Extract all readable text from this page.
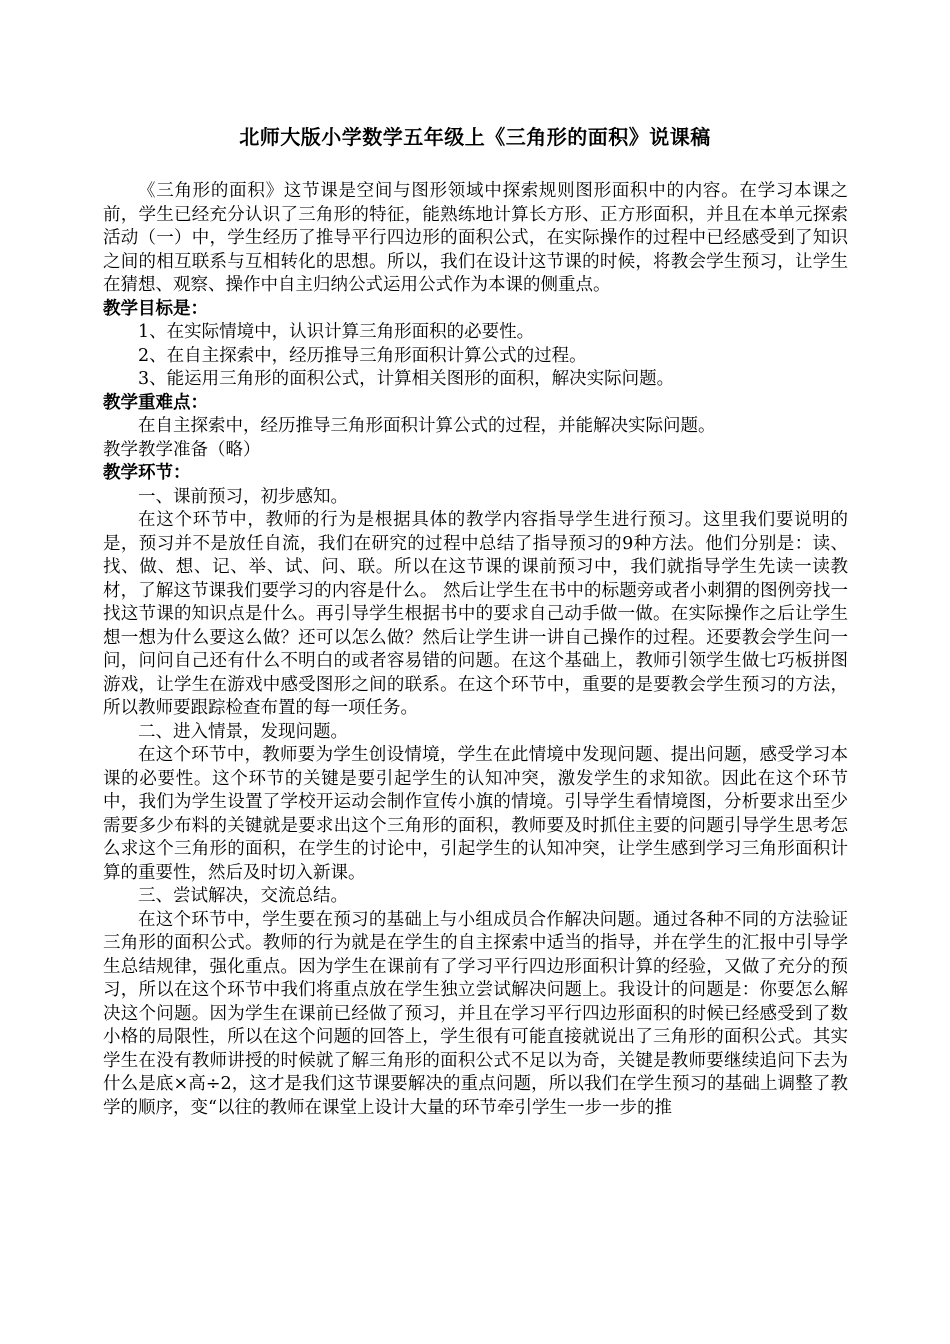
北师大版小学数学五年级上《三角形的面积》说课稿

《三角形的面积》这节课是空间与图形领域中探索规则图形面积中的内容。在学习本课之前，学生已经充分认识了三角形的特征，能熟练地计算长方形、正方形面积，并且在本单元探索活动（一）中，学生经历了推导平行四边形的面积公式，在实际操作的过程中已经感受到了知识之间的相互联系与互相转化的思想。所以，我们在设计这节课的时候，将教会学生预习，让学生在猜想、观察、操作中自主归纳公式运用公式作为本课的侧重点。

教学目标是：

1、在实际情境中，认识计算三角形面积的必要性。

2、在自主探索中，经历推导三角形面积计算公式的过程。

3、能运用三角形的面积公式，计算相关图形的面积，解决实际问题。

教学重难点：

在自主探索中，经历推导三角形面积计算公式的过程，并能解决实际问题。

教学教学准备（略）

教学环节：

一、课前预习，初步感知。

在这个环节中，教师的行为是根据具体的教学内容指导学生进行预习。这里我们要说明的是，预习并不是放任自流，我们在研究的过程中总结了指导预习的9种方法。他们分别是：读、找、做、想、记、举、试、问、联。所以在这节课的课前预习中，我们就指导学生先读一读教材，了解这节课我们要学习的内容是什么。 然后让学生在书中的标题旁或者小刺猬的图例旁找一找这节课的知识点是什么。再引导学生根据书中的要求自己动手做一做。在实际操作之后让学生想一想为什么要这么做？还可以怎么做？然后让学生讲一讲自己操作的过程。还要教会学生问一问，问问自己还有什么不明白的或者容易错的问题。在这个基础上，教师引领学生做七巧板拼图游戏，让学生在游戏中感受图形之间的联系。在这个环节中，重要的是要教会学生预习的方法，所以教师要跟踪检查布置的每一项任务。

二、进入情景，发现问题。

在这个环节中，教师要为学生创设情境，学生在此情境中发现问题、提出问题，感受学习本课的必要性。这个环节的关键是要引起学生的认知冲突，激发学生的求知欲。因此在这个环节中，我们为学生设置了学校开运动会制作宣传小旗的情境。引导学生看情境图，分析要求出至少需要多少布料的关键就是要求出这个三角形的面积，教师要及时抓住主要的问题引导学生思考怎么求这个三角形的面积，在学生的讨论中，引起学生的认知冲突，让学生感到学习三角形面积计算的重要性，然后及时切入新课。

三、尝试解决，交流总结。

在这个环节中，学生要在预习的基础上与小组成员合作解决问题。通过各种不同的方法验证三角形的面积公式。教师的行为就是在学生的自主探索中适当的指导，并在学生的汇报中引导学生总结规律，强化重点。因为学生在课前有了学习平行四边形面积计算的经验，又做了充分的预习，所以在这个环节中我们将重点放在学生独立尝试解决问题上。我设计的问题是：你要怎么解决这个问题。因为学生在课前已经做了预习，并且在学习平行四边形面积的时候已经感受到了数小格的局限性，所以在这个问题的回答上，学生很有可能直接就说出了三角形的面积公式。其实学生在没有教师讲授的时候就了解三角形的面积公式不足以为奇，关键是教师要继续追问下去为什么是底×高÷2，这才是我们这节课要解决的重点问题，所以我们在学生预习的基础上调整了教学的顺序，变“以往的教师在课堂上设计大量的环节牵引学生一步一步的推
